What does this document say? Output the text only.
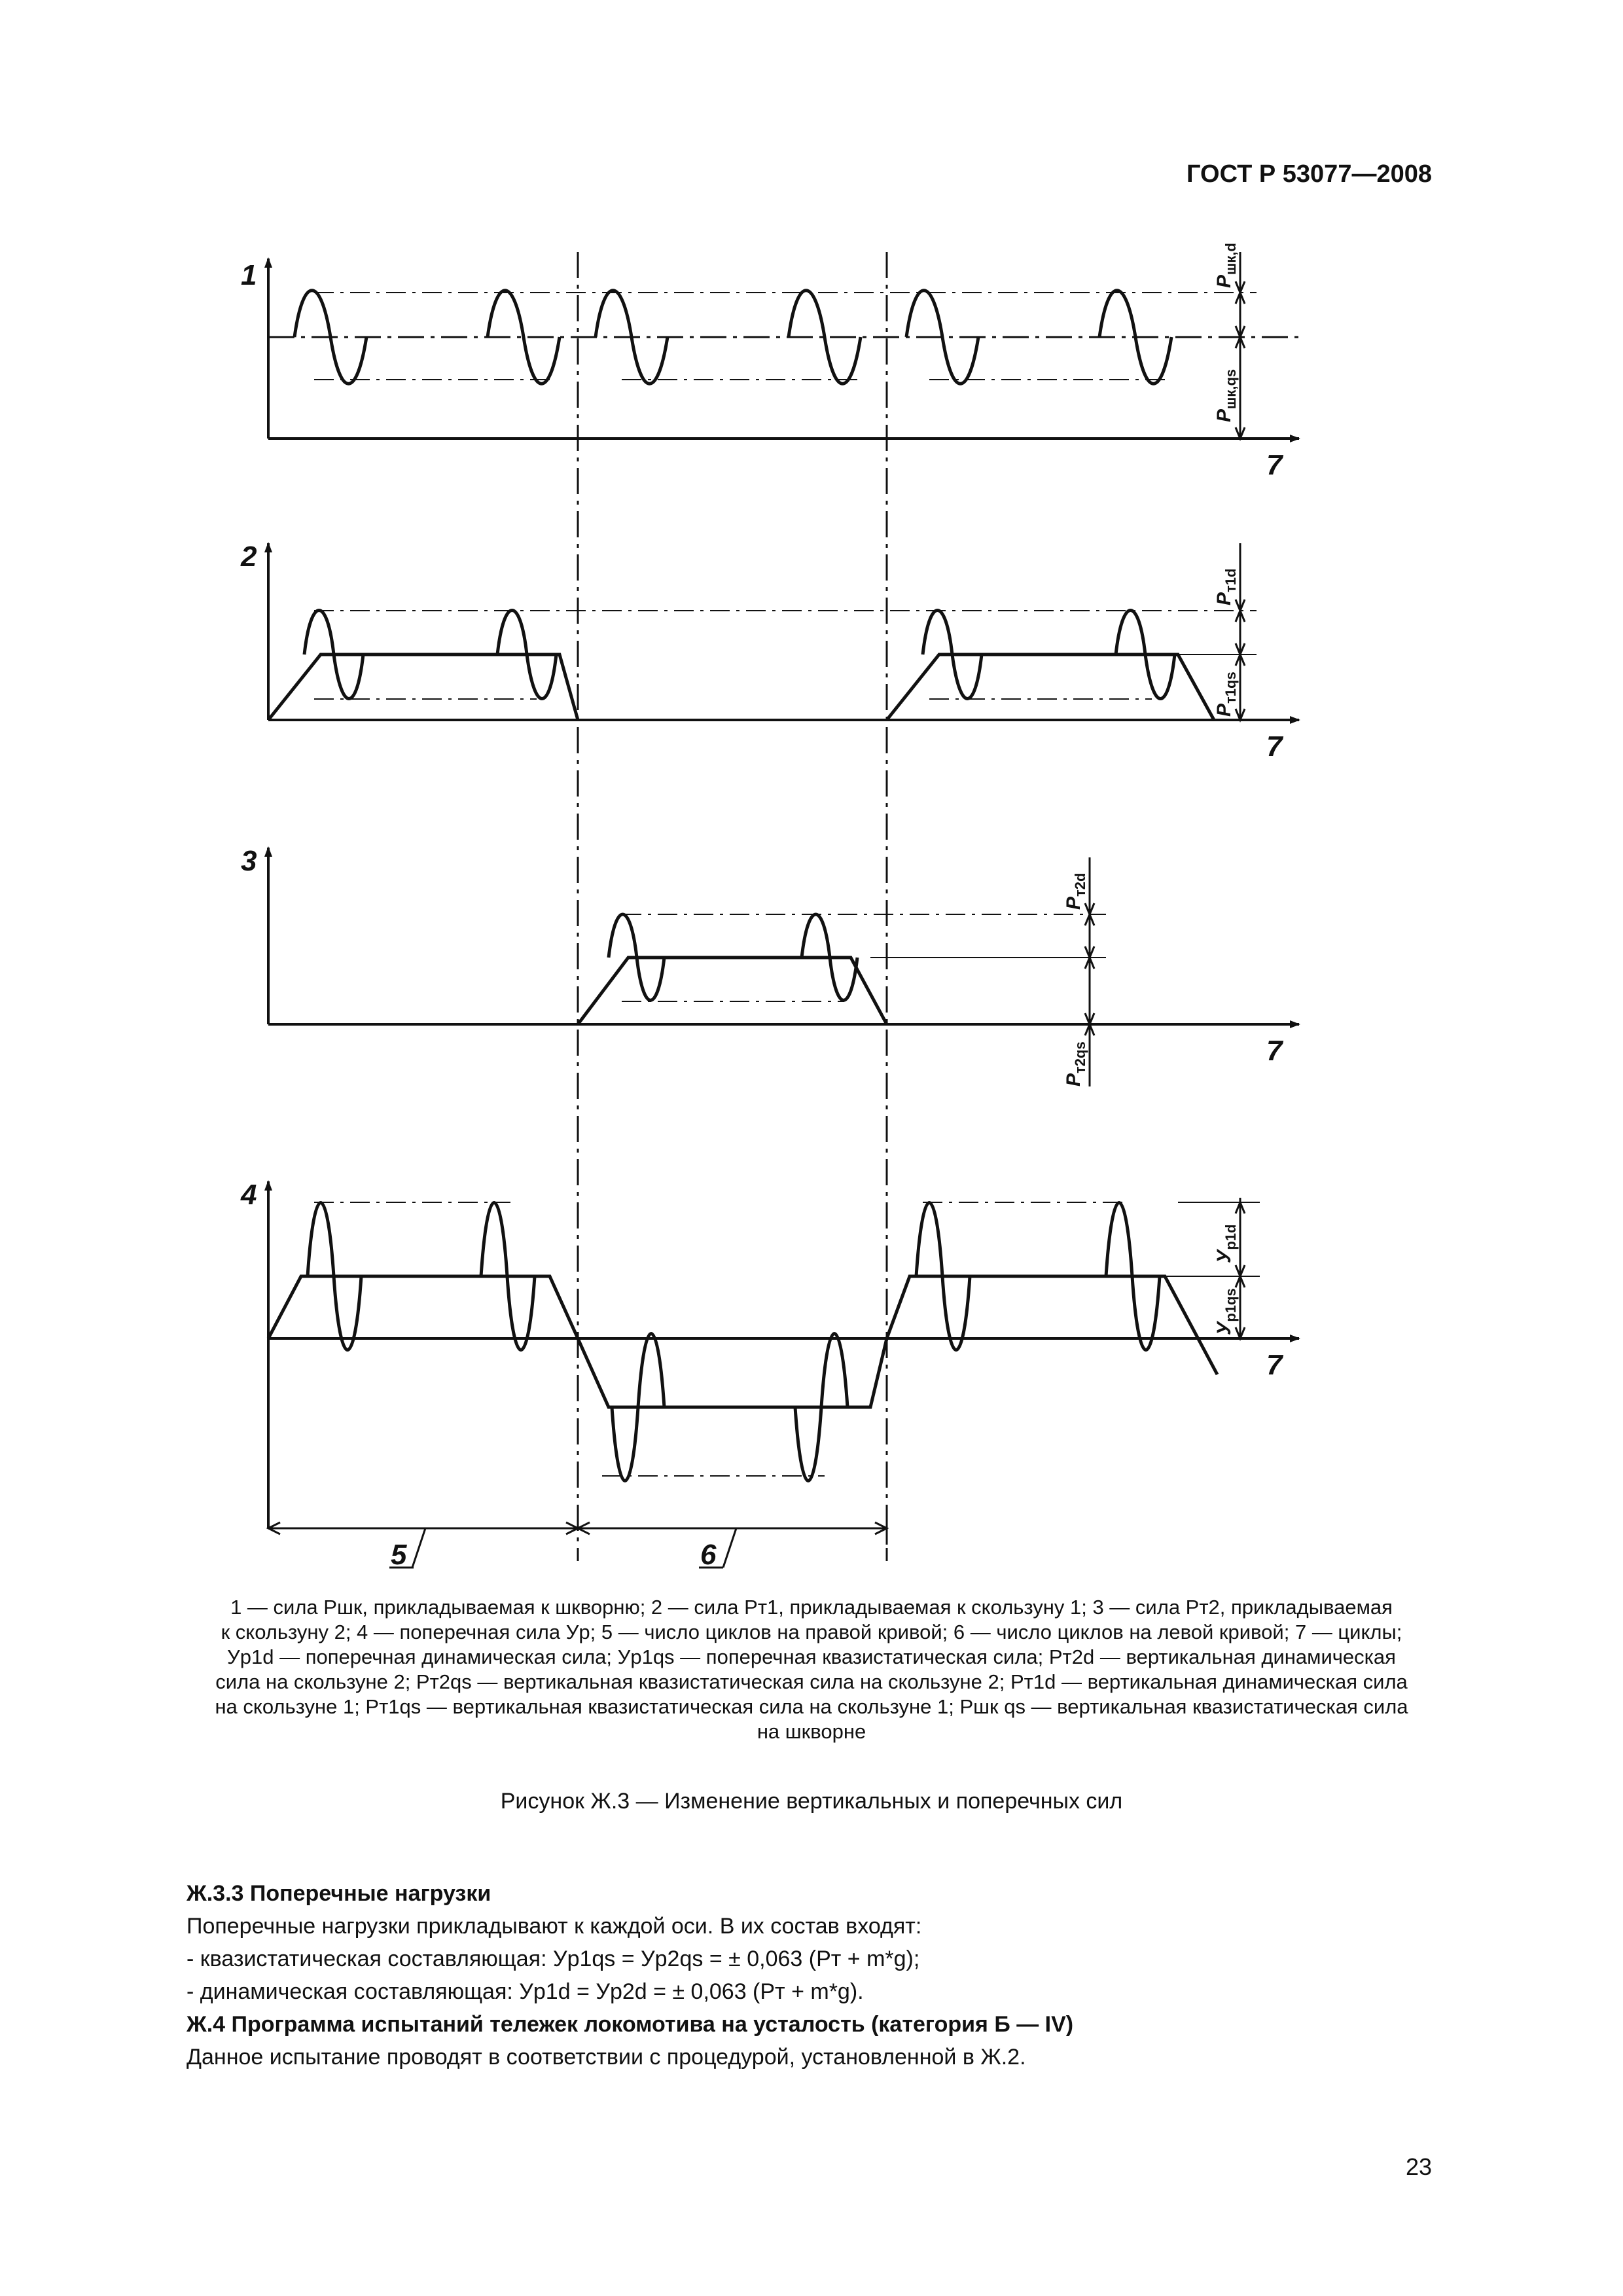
ГОСТ Р 53077—2008
1
7
$P_{шк,d}$
$P_{шк,qs}$
2
7
$P_{т1d}$
$P_{т1qs}$
3
7
$P_{т2d}$
$P_{т2qs}$
4
7
$У_{p1d}$
$У_{p1qs}$
5	6
1 — сила Pшк, прикладываемая к шкворню; 2 — сила Pт1, прикладываемая к скользуну 1; 3 — сила Pт2, прикладываемая
к скользуну 2; 4 — поперечная сила Уp; 5 — число циклов на правой кривой; 6 — число циклов на левой кривой; 7 — циклы;
Уp1d — поперечная динамическая сила; Уp1qs — поперечная квазистатическая сила; Pт2d — вертикальная динамическая
сила на скользуне 2; Pт2qs — вертикальная квазистатическая сила на скользуне 2; Pт1d — вертикальная динамическая сила
на скользуне 1; Pт1qs — вертикальная квазистатическая сила на скользуне 1; Pшк qs — вертикальная квазистатическая сила
на шкворне
Рисунок Ж.3 — Изменение вертикальных и поперечных сил

Ж.3.3 Поперечные нагрузки

Поперечные нагрузки прикладывают к каждой оси. В их состав входят:

- квазистатическая составляющая: Уp1qs = Уp2qs = ± 0,063 (Pт + m*g);

- динамическая составляющая: Уp1d = Уp2d = ± 0,063 (Pт + m*g).

Ж.4 Программа испытаний тележек локомотива на усталость (категория Б — IV)

Данное испытание проводят в соответствии с процедурой, установленной в Ж.2.

23
